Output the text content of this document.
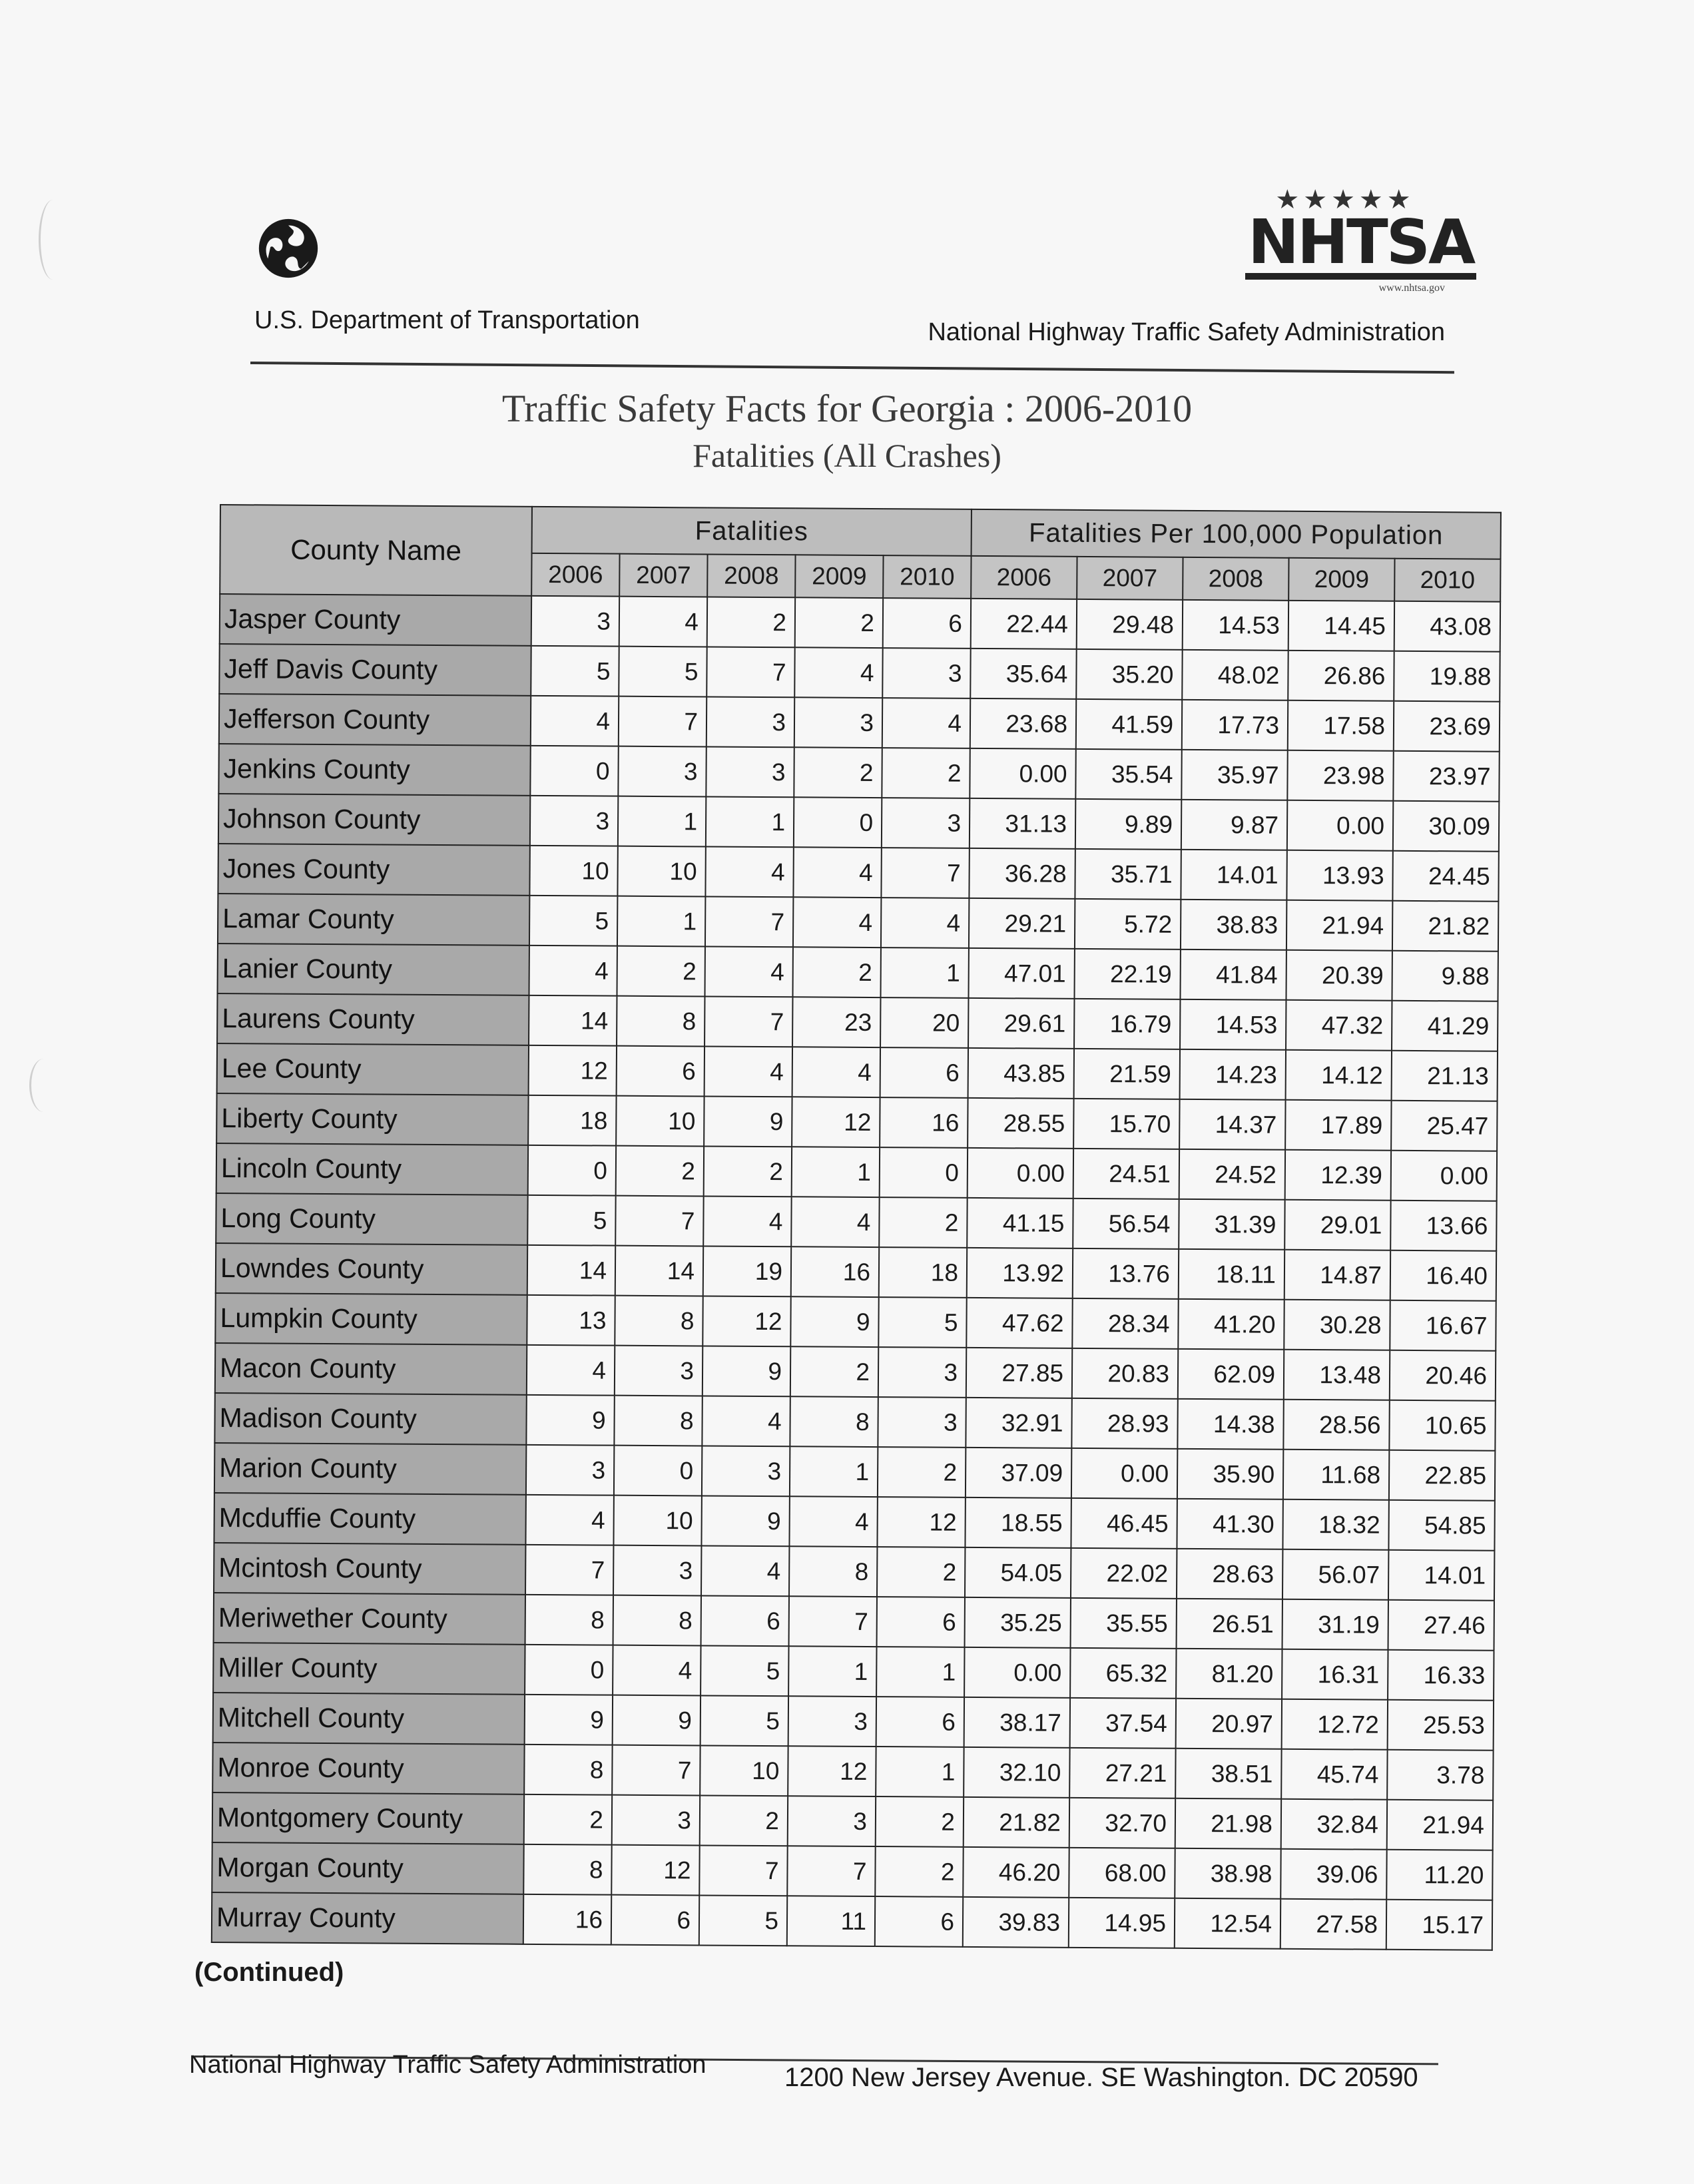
★★★★★
NHTSA
www.nhtsa.gov
U.S. Department of Transportation	National Highway Traffic Safety Administration
Traffic Safety Facts for Georgia : 2006-2010
Fatalities (All Crashes)
County Name	Fatalities					Fatalities Per 100,000 Population				
	2006	2007	2008	2009	2010	2006	2007	2008	2009	2010
Jasper County	3	4	2	2	6	22.44	29.48	14.53	14.45	43.08
Jeff Davis County	5	5	7	4	3	35.64	35.20	48.02	26.86	19.88
Jefferson County	4	7	3	3	4	23.68	41.59	17.73	17.58	23.69
Jenkins County	0	3	3	2	2	0.00	35.54	35.97	23.98	23.97
Johnson County	3	1	1	0	3	31.13	9.89	9.87	0.00	30.09
Jones County	10	10	4	4	7	36.28	35.71	14.01	13.93	24.45
Lamar County	5	1	7	4	4	29.21	5.72	38.83	21.94	21.82
Lanier County	4	2	4	2	1	47.01	22.19	41.84	20.39	9.88
Laurens County	14	8	7	23	20	29.61	16.79	14.53	47.32	41.29
Lee County	12	6	4	4	6	43.85	21.59	14.23	14.12	21.13
Liberty County	18	10	9	12	16	28.55	15.70	14.37	17.89	25.47
Lincoln County	0	2	2	1	0	0.00	24.51	24.52	12.39	0.00
Long County	5	7	4	4	2	41.15	56.54	31.39	29.01	13.66
Lowndes County	14	14	19	16	18	13.92	13.76	18.11	14.87	16.40
Lumpkin County	13	8	12	9	5	47.62	28.34	41.20	30.28	16.67
Macon County	4	3	9	2	3	27.85	20.83	62.09	13.48	20.46
Madison County	9	8	4	8	3	32.91	28.93	14.38	28.56	10.65
Marion County	3	0	3	1	2	37.09	0.00	35.90	11.68	22.85
Mcduffie County	4	10	9	4	12	18.55	46.45	41.30	18.32	54.85
Mcintosh County	7	3	4	8	2	54.05	22.02	28.63	56.07	14.01
Meriwether County	8	8	6	7	6	35.25	35.55	26.51	31.19	27.46
Miller County	0	4	5	1	1	0.00	65.32	81.20	16.31	16.33
Mitchell County	9	9	5	3	6	38.17	37.54	20.97	12.72	25.53
Monroe County	8	7	10	12	1	32.10	27.21	38.51	45.74	3.78
Montgomery County	2	3	2	3	2	21.82	32.70	21.98	32.84	21.94
Morgan County	8	12	7	7	2	46.20	68.00	38.98	39.06	11.20
Murray County	16	6	5	11	6	39.83	14.95	12.54	27.58	15.17
(Continued)
National Highway Traffic Safety Administration	1200 New Jersey Avenue. SE Washington. DC 20590
